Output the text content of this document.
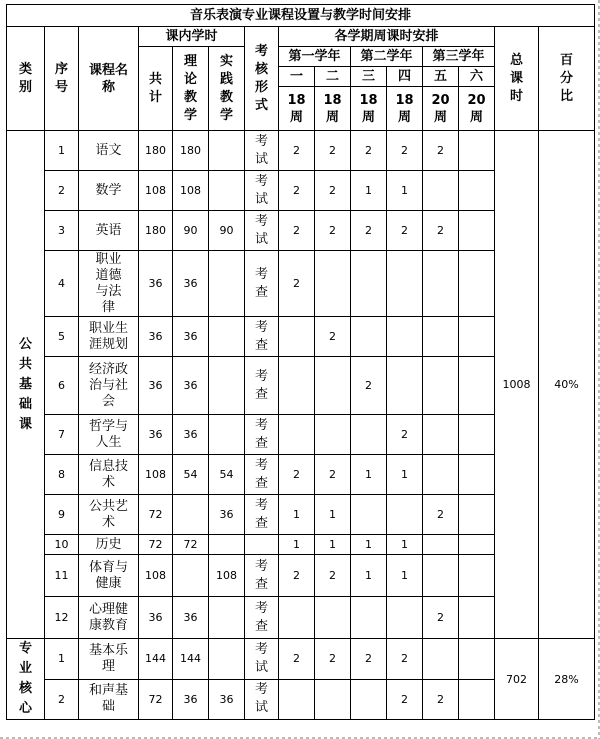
音乐表演专业课程设置与教学时间安排														
类别	序号	课程名称	课内学时			考核形式	各学期周课时安排						总课时	百分比
			共计	理论教学	实践教学		第一学年		第二学年		第三学年			
							一	二	三	四	五	六		
							18周	18周	18周	18周	20周	20周		
公共基础课	1	语文	180	180		考试	2	2	2	2	2		1008	40%
	2	数学	108	108		考试	2	2	1	1				
	3	英语	180	90	90	考试	2	2	2	2	2			
	4	职业道德与法律	36	36		考查	2							
	5	职业生涯规划	36	36		考查		2						
	6	经济政治与社会	36	36		考查			2					
	7	哲学与人生	36	36		考查				2				
	8	信息技术	108	54	54	考查	2	2	1	1				
	9	公共艺术	72		36	考查	1	1			2			
	10	历史	72	72			1	1	1	1				
	11	体育与健康	108		108	考查	2	2	1	1				
	12	心理健康教育	36	36		考查					2			
专业核心	1	基本乐理	144	144		考试	2	2	2	2			702	28%
	2	和声基础	72	36	36	考试				2	2			
